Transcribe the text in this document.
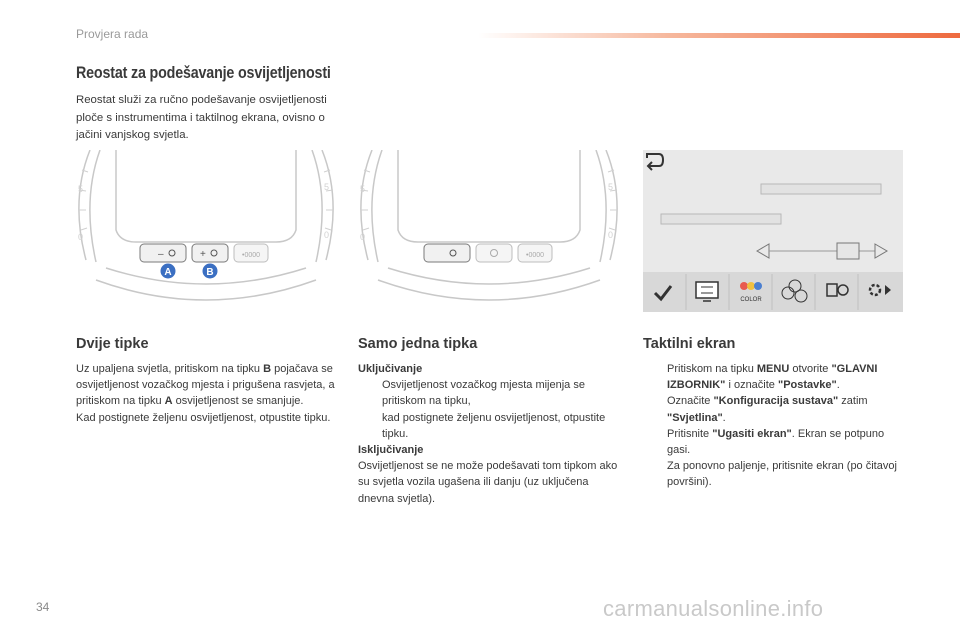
Provjera rada
Reostat za podešavanje osvijetljenosti
Reostat služi za ručno podešavanje osvijetljenosti ploče s instrumentima i taktilnog ekrana, ovisno o jačini vanjskog svjetla.
5
0
5
0
–	+	•0000
A	B
5
0
5
0
•0000
COLOR
Dvije tipke
Uz upaljena svjetla, pritiskom na tipku B pojačava se osvijetljenost vozačkog mjesta i prigušena rasvjeta, a pritiskom na tipku A osvijetljenost se smanjuje.
Kad postignete željenu osvijetljenost, otpustite tipku.
Samo jedna tipka
Uključivanje
Osvijetljenost vozačkog mjesta mijenja se pritiskom na tipku,
kad postignete željenu osvijetljenost, otpustite tipku.
Isključivanje
Osvijetljenost se ne može podešavati tom tipkom ako su svjetla vozila ugašena ili danju (uz uključena dnevna svjetla).
Taktilni ekran
Pritiskom na tipku MENU otvorite "GLAVNI IZBORNIK" i označite "Postavke".
Označite "Konfiguracija sustava" zatim "Svjetlina".
Pritisnite "Ugasiti ekran". Ekran se potpuno gasi.
Za ponovno paljenje, pritisnite ekran (po čitavoj površini).
34	carmanualsonline.info
